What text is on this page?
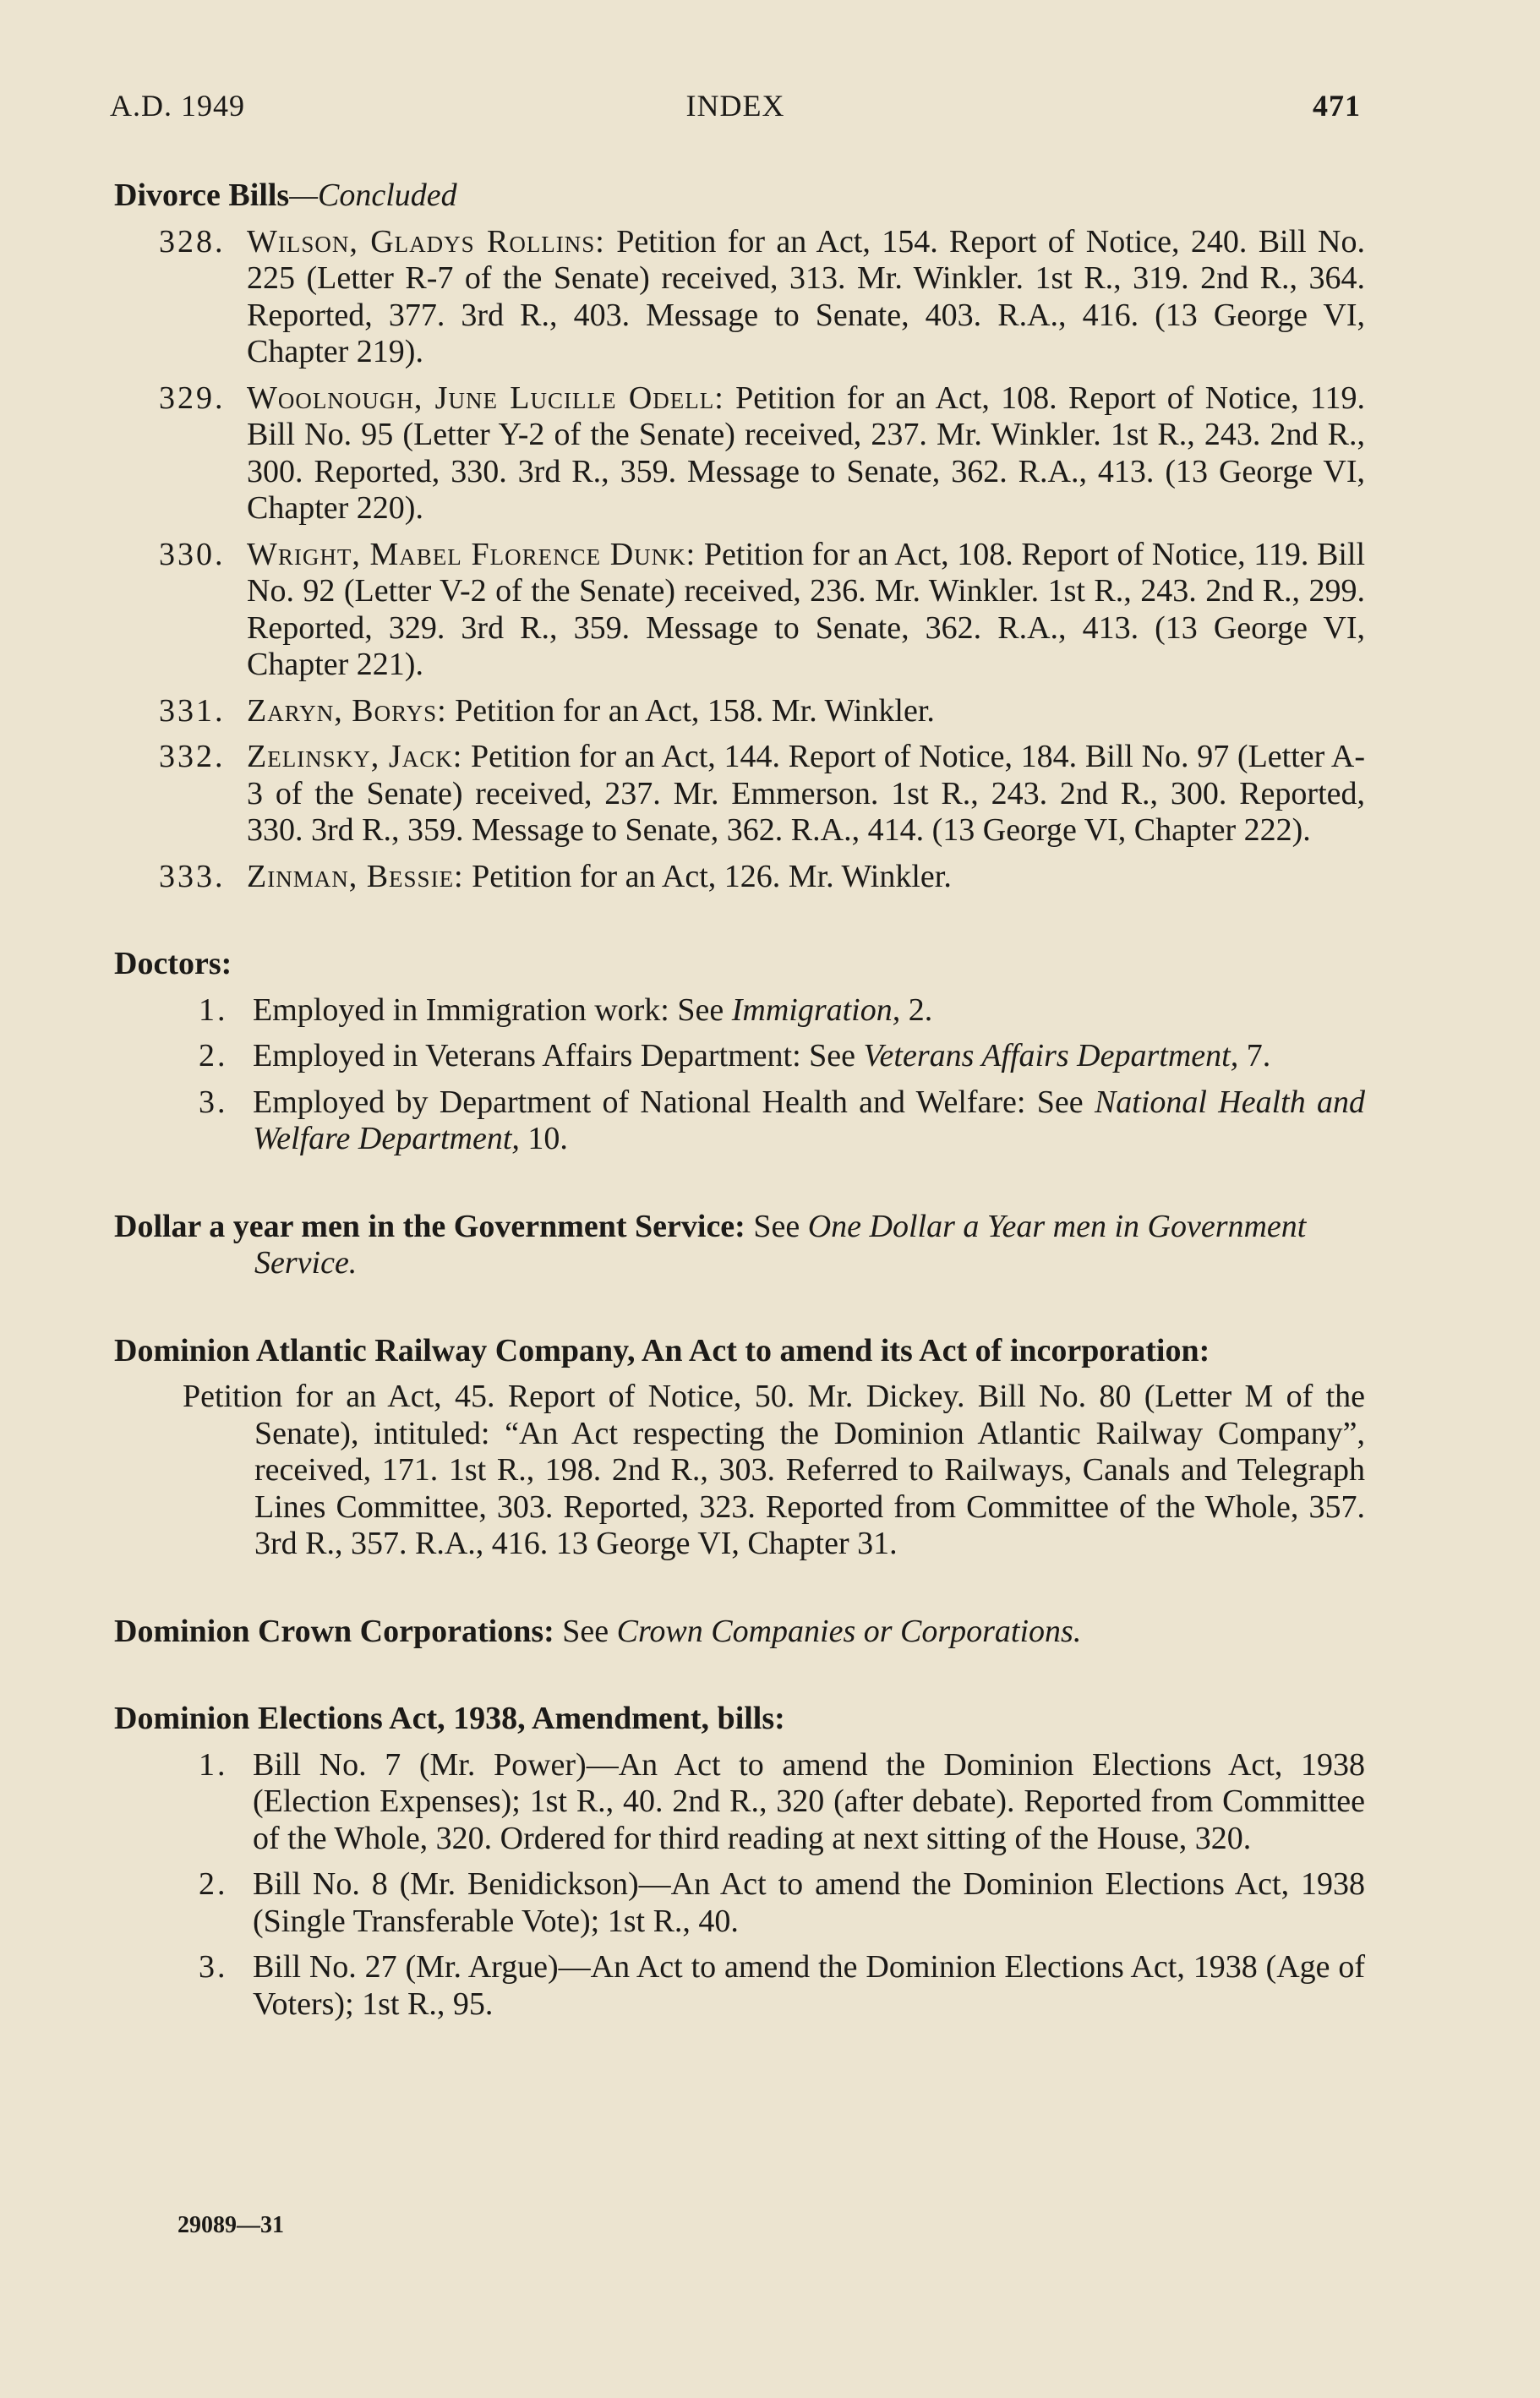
A.D. 1949	INDEX	471

Divorce Bills—Concluded

328. Wilson, Gladys Rollins: Petition for an Act, 154. Report of Notice, 240. Bill No. 225 (Letter R-7 of the Senate) received, 313. Mr. Winkler. 1st R., 319. 2nd R., 364. Reported, 377. 3rd R., 403. Message to Senate, 403. R.A., 416. (13 George VI, Chapter 219).

329. Woolnough, June Lucille Odell: Petition for an Act, 108. Report of Notice, 119. Bill No. 95 (Letter Y-2 of the Senate) received, 237. Mr. Winkler. 1st R., 243. 2nd R., 300. Reported, 330. 3rd R., 359. Message to Senate, 362. R.A., 413. (13 George VI, Chapter 220).

330. Wright, Mabel Florence Dunk: Petition for an Act, 108. Report of Notice, 119. Bill No. 92 (Letter V-2 of the Senate) received, 236. Mr. Winkler. 1st R., 243. 2nd R., 299. Reported, 329. 3rd R., 359. Message to Senate, 362. R.A., 413. (13 George VI, Chapter 221).

331. Zaryn, Borys: Petition for an Act, 158. Mr. Winkler.

332. Zelinsky, Jack: Petition for an Act, 144. Report of Notice, 184. Bill No. 97 (Letter A-3 of the Senate) received, 237. Mr. Emmerson. 1st R., 243. 2nd R., 300. Reported, 330. 3rd R., 359. Message to Senate, 362. R.A., 414. (13 George VI, Chapter 222).

333. Zinman, Bessie: Petition for an Act, 126. Mr. Winkler.

Doctors:

1. Employed in Immigration work: See Immigration, 2.

2. Employed in Veterans Affairs Department: See Veterans Affairs Department, 7.

3. Employed by Department of National Health and Welfare: See National Health and Welfare Department, 10.

Dollar a year men in the Government Service: See One Dollar a Year men in Government Service.

Dominion Atlantic Railway Company, An Act to amend its Act of incorporation:

Petition for an Act, 45. Report of Notice, 50. Mr. Dickey. Bill No. 80 (Letter M of the Senate), intituled: “An Act respecting the Dominion Atlantic Railway Company”, received, 171. 1st R., 198. 2nd R., 303. Referred to Railways, Canals and Telegraph Lines Committee, 303. Reported, 323. Reported from Committee of the Whole, 357. 3rd R., 357. R.A., 416. 13 George VI, Chapter 31.

Dominion Crown Corporations: See Crown Companies or Corporations.

Dominion Elections Act, 1938, Amendment, bills:

1. Bill No. 7 (Mr. Power)—An Act to amend the Dominion Elections Act, 1938 (Election Expenses); 1st R., 40. 2nd R., 320 (after debate). Reported from Committee of the Whole, 320. Ordered for third reading at next sitting of the House, 320.

2. Bill No. 8 (Mr. Benidickson)—An Act to amend the Dominion Elections Act, 1938 (Single Transferable Vote); 1st R., 40.

3. Bill No. 27 (Mr. Argue)—An Act to amend the Dominion Elections Act, 1938 (Age of Voters); 1st R., 95.

29089—31
